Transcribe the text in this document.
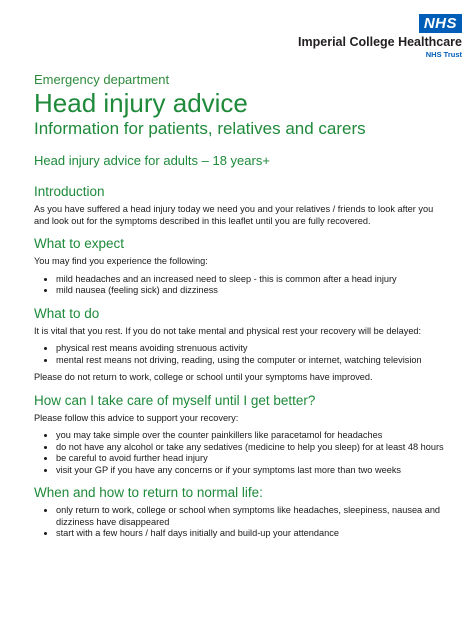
NHS
Imperial College Healthcare
NHS Trust
Emergency department
Head injury advice
Information for patients, relatives and carers
Head injury advice for adults – 18 years+
Introduction

As you have suffered a head injury today we need you and your relatives / friends to look after you and look out for the symptoms described in this leaflet until you are fully recovered.

What to expect

You may find you experience the following:

• mild headaches and an increased need to sleep - this is common after a head injury
• mild nausea (feeling sick) and dizziness
What to do

It is vital that you rest. If you do not take mental and physical rest your recovery will be delayed:

• physical rest means avoiding strenuous activity
• mental rest means not driving, reading, using the computer or internet, watching television

Please do not return to work, college or school until your symptoms have improved.

How can I take care of myself until I get better?

Please follow this advice to support your recovery:

• you may take simple over the counter painkillers like paracetamol for headaches
• do not have any alcohol or take any sedatives (medicine to help you sleep) for at least 48 hours
• be careful to avoid further head injury
• visit your GP if you have any concerns or if your symptoms last more than two weeks
When and how to return to normal life:
• only return to work, college or school when symptoms like headaches, sleepiness, nausea and dizziness have disappeared
• start with a few hours / half days initially and build-up your attendance
